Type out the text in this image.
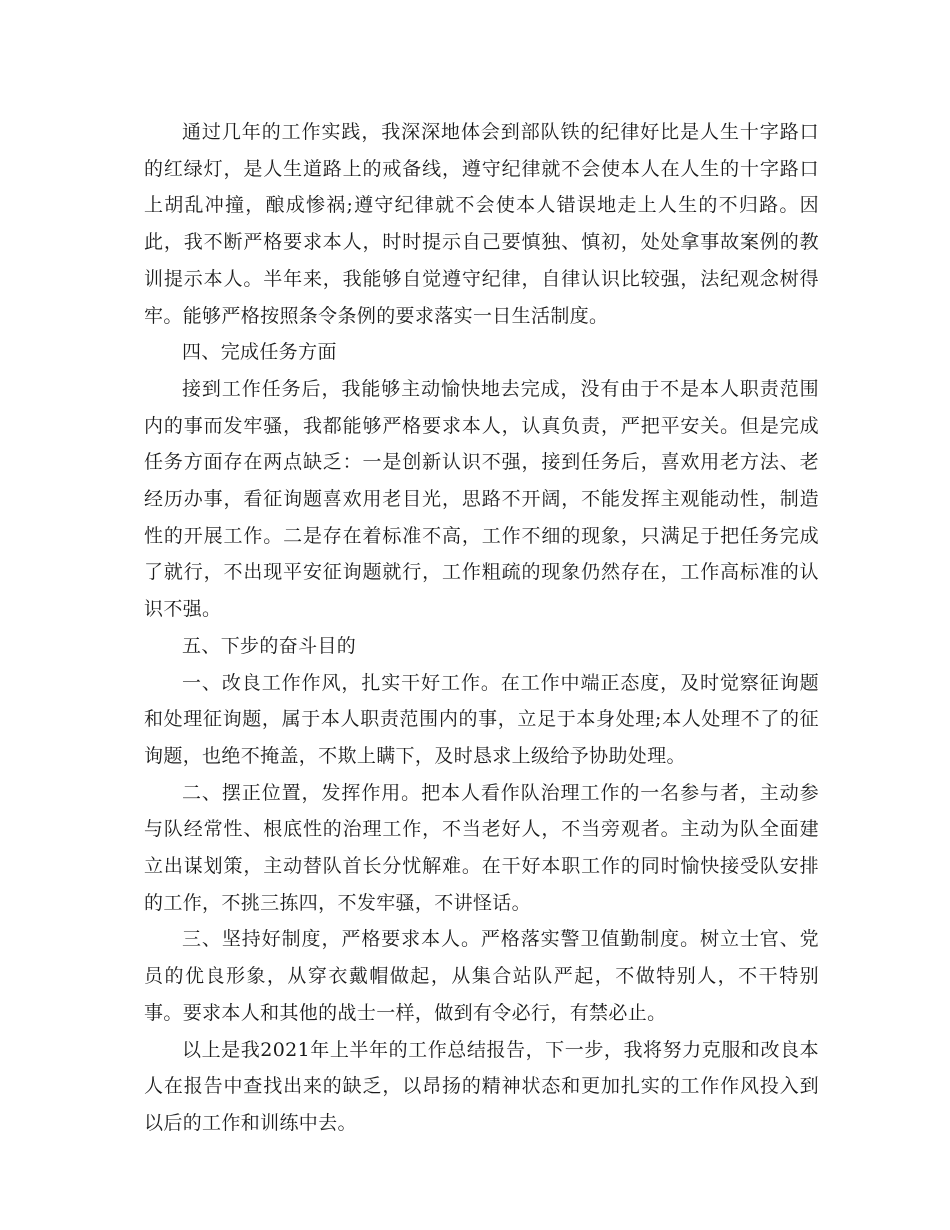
通过几年的工作实践，我深深地体会到部队铁的纪律好比是人生十字路口的红绿灯，是人生道路上的戒备线，遵守纪律就不会使本人在人生的十字路口上胡乱冲撞，酿成惨祸;遵守纪律就不会使本人错误地走上人生的不归路。因此，我不断严格要求本人，时时提示自己要慎独、慎初，处处拿事故案例的教训提示本人。半年来，我能够自觉遵守纪律，自律认识比较强，法纪观念树得牢。能够严格按照条令条例的要求落实一日生活制度。

四、完成任务方面

接到工作任务后，我能够主动愉快地去完成，没有由于不是本人职责范围内的事而发牢骚，我都能够严格要求本人，认真负责，严把平安关。但是完成任务方面存在两点缺乏：一是创新认识不强，接到任务后，喜欢用老方法、老经历办事，看征询题喜欢用老目光，思路不开阔，不能发挥主观能动性，制造性的开展工作。二是存在着标准不高，工作不细的现象，只满足于把任务完成了就行，不出现平安征询题就行，工作粗疏的现象仍然存在，工作高标准的认识不强。

五、下步的奋斗目的

一、改良工作作风，扎实干好工作。在工作中端正态度，及时觉察征询题和处理征询题，属于本人职责范围内的事，立足于本身处理;本人处理不了的征询题，也绝不掩盖，不欺上瞒下，及时恳求上级给予协助处理。

二、摆正位置，发挥作用。把本人看作队治理工作的一名参与者，主动参与队经常性、根底性的治理工作，不当老好人，不当旁观者。主动为队全面建立出谋划策，主动替队首长分忧解难。在干好本职工作的同时愉快接受队安排的工作，不挑三拣四，不发牢骚，不讲怪话。

三、坚持好制度，严格要求本人。严格落实警卫值勤制度。树立士官、党员的优良形象，从穿衣戴帽做起，从集合站队严起，不做特别人，不干特别事。要求本人和其他的战士一样，做到有令必行，有禁必止。

以上是我2021年上半年的工作总结报告，下一步，我将努力克服和改良本人在报告中查找出来的缺乏，以昂扬的精神状态和更加扎实的工作作风投入到以后的工作和训练中去。
